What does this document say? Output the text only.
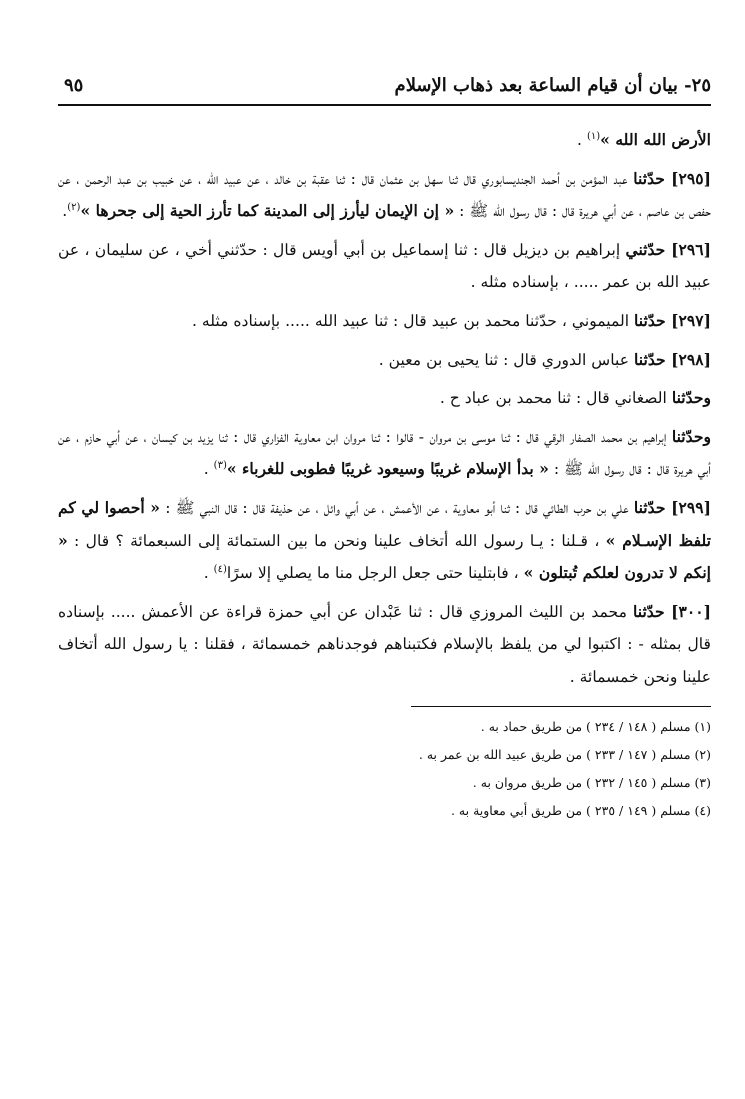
٢٥- بيان أن قيام الساعة بعد ذهاب الإسلام
٩٥

الأرض الله الله »$^{(١)}$ .

[٢٩٥] حدّثنا عبد المؤمن بن أحمد الجنديسابوري قال ثنا سهل بن عثمان قال : ثنا عقبة بن خالد ، عن عبيد الله ، عن خبيب بن عبد الرحمن ، عن حفص بن عاصم ، عن أبي هريرة قال : قال رسول الله ﷺ : « إن الإيمان ليأرز إلى المدينة كما تأرز الحية إلى جحرها »$^{(٢)}$.

[٢٩٦] حدّثني إبراهيم بن ديزيل قال : ثنا إسماعيل بن أبي أويس قال : حدّثني أخي ، عن سليمان ، عن عبيد الله بن عمر ..... ، بإسناده مثله .

[٢٩٧] حدّثنا الميموني ، حدّثنا محمد بن عبيد قال : ثنا عبيد الله ..... بإسناده مثله .

[٢٩٨] حدّثنا عباس الدوري قال : ثنا يحيى بن معين .

وحدّثنا الصغاني قال : ثنا محمد بن عباد ح .

وحدّثنا إبراهيم بن محمد الصفار الرقي قال : ثنا موسى بن مروان - قالوا : ثنا مروان ابن معاوية الفزاري قال : ثنا يزيد بن كيسان ، عن أبي حازم ، عن أبي هريرة قال : قال رسول الله ﷺ : « بدأ الإسلام غريبًا وسيعود غريبًا فطوبى للغرباء »$^{(٣)}$ .

[٢٩٩] حدّثنا علي بن حرب الطائي قال : ثنا أبو معاوية ، عن الأعمش ، عن أبي وائل ، عن حذيفة قال : قال النبي ﷺ : « أحصوا لي كم تلفظ الإسـلام » ، قـلنا : يـا رسول الله أتخاف علينا ونحن ما بين الستمائة إلى السبعمائة ؟ قال : « إنكم لا تدرون لعلكم تُبتلون » ، فابتلينا حتى جعل الرجل منا ما يصلي إلا سرًا$^{(٤)}$ .

[٣٠٠] حدّثنا محمد بن الليث المروزي قال : ثنا عَبْدان عن أبي حمزة قراءة عن الأعمش ..... بإسناده قال بمثله - : اكتبوا لي من يلفظ بالإسلام فكتبناهم فوجدناهم خمسمائة ، فقلنا : يا رسول الله أتخاف علينا ونحن خمسمائة .

(١) مسلم ( ١٤٨ / ٢٣٤ ) من طريق حماد به .
(٢) مسلم ( ١٤٧ / ٢٣٣ ) من طريق عبيد الله بن عمر به .
(٣) مسلم ( ١٤٥ / ٢٣٢ ) من طريق مروان به .
(٤) مسلم ( ١٤٩ / ٢٣٥ ) من طريق أبي معاوية به .
